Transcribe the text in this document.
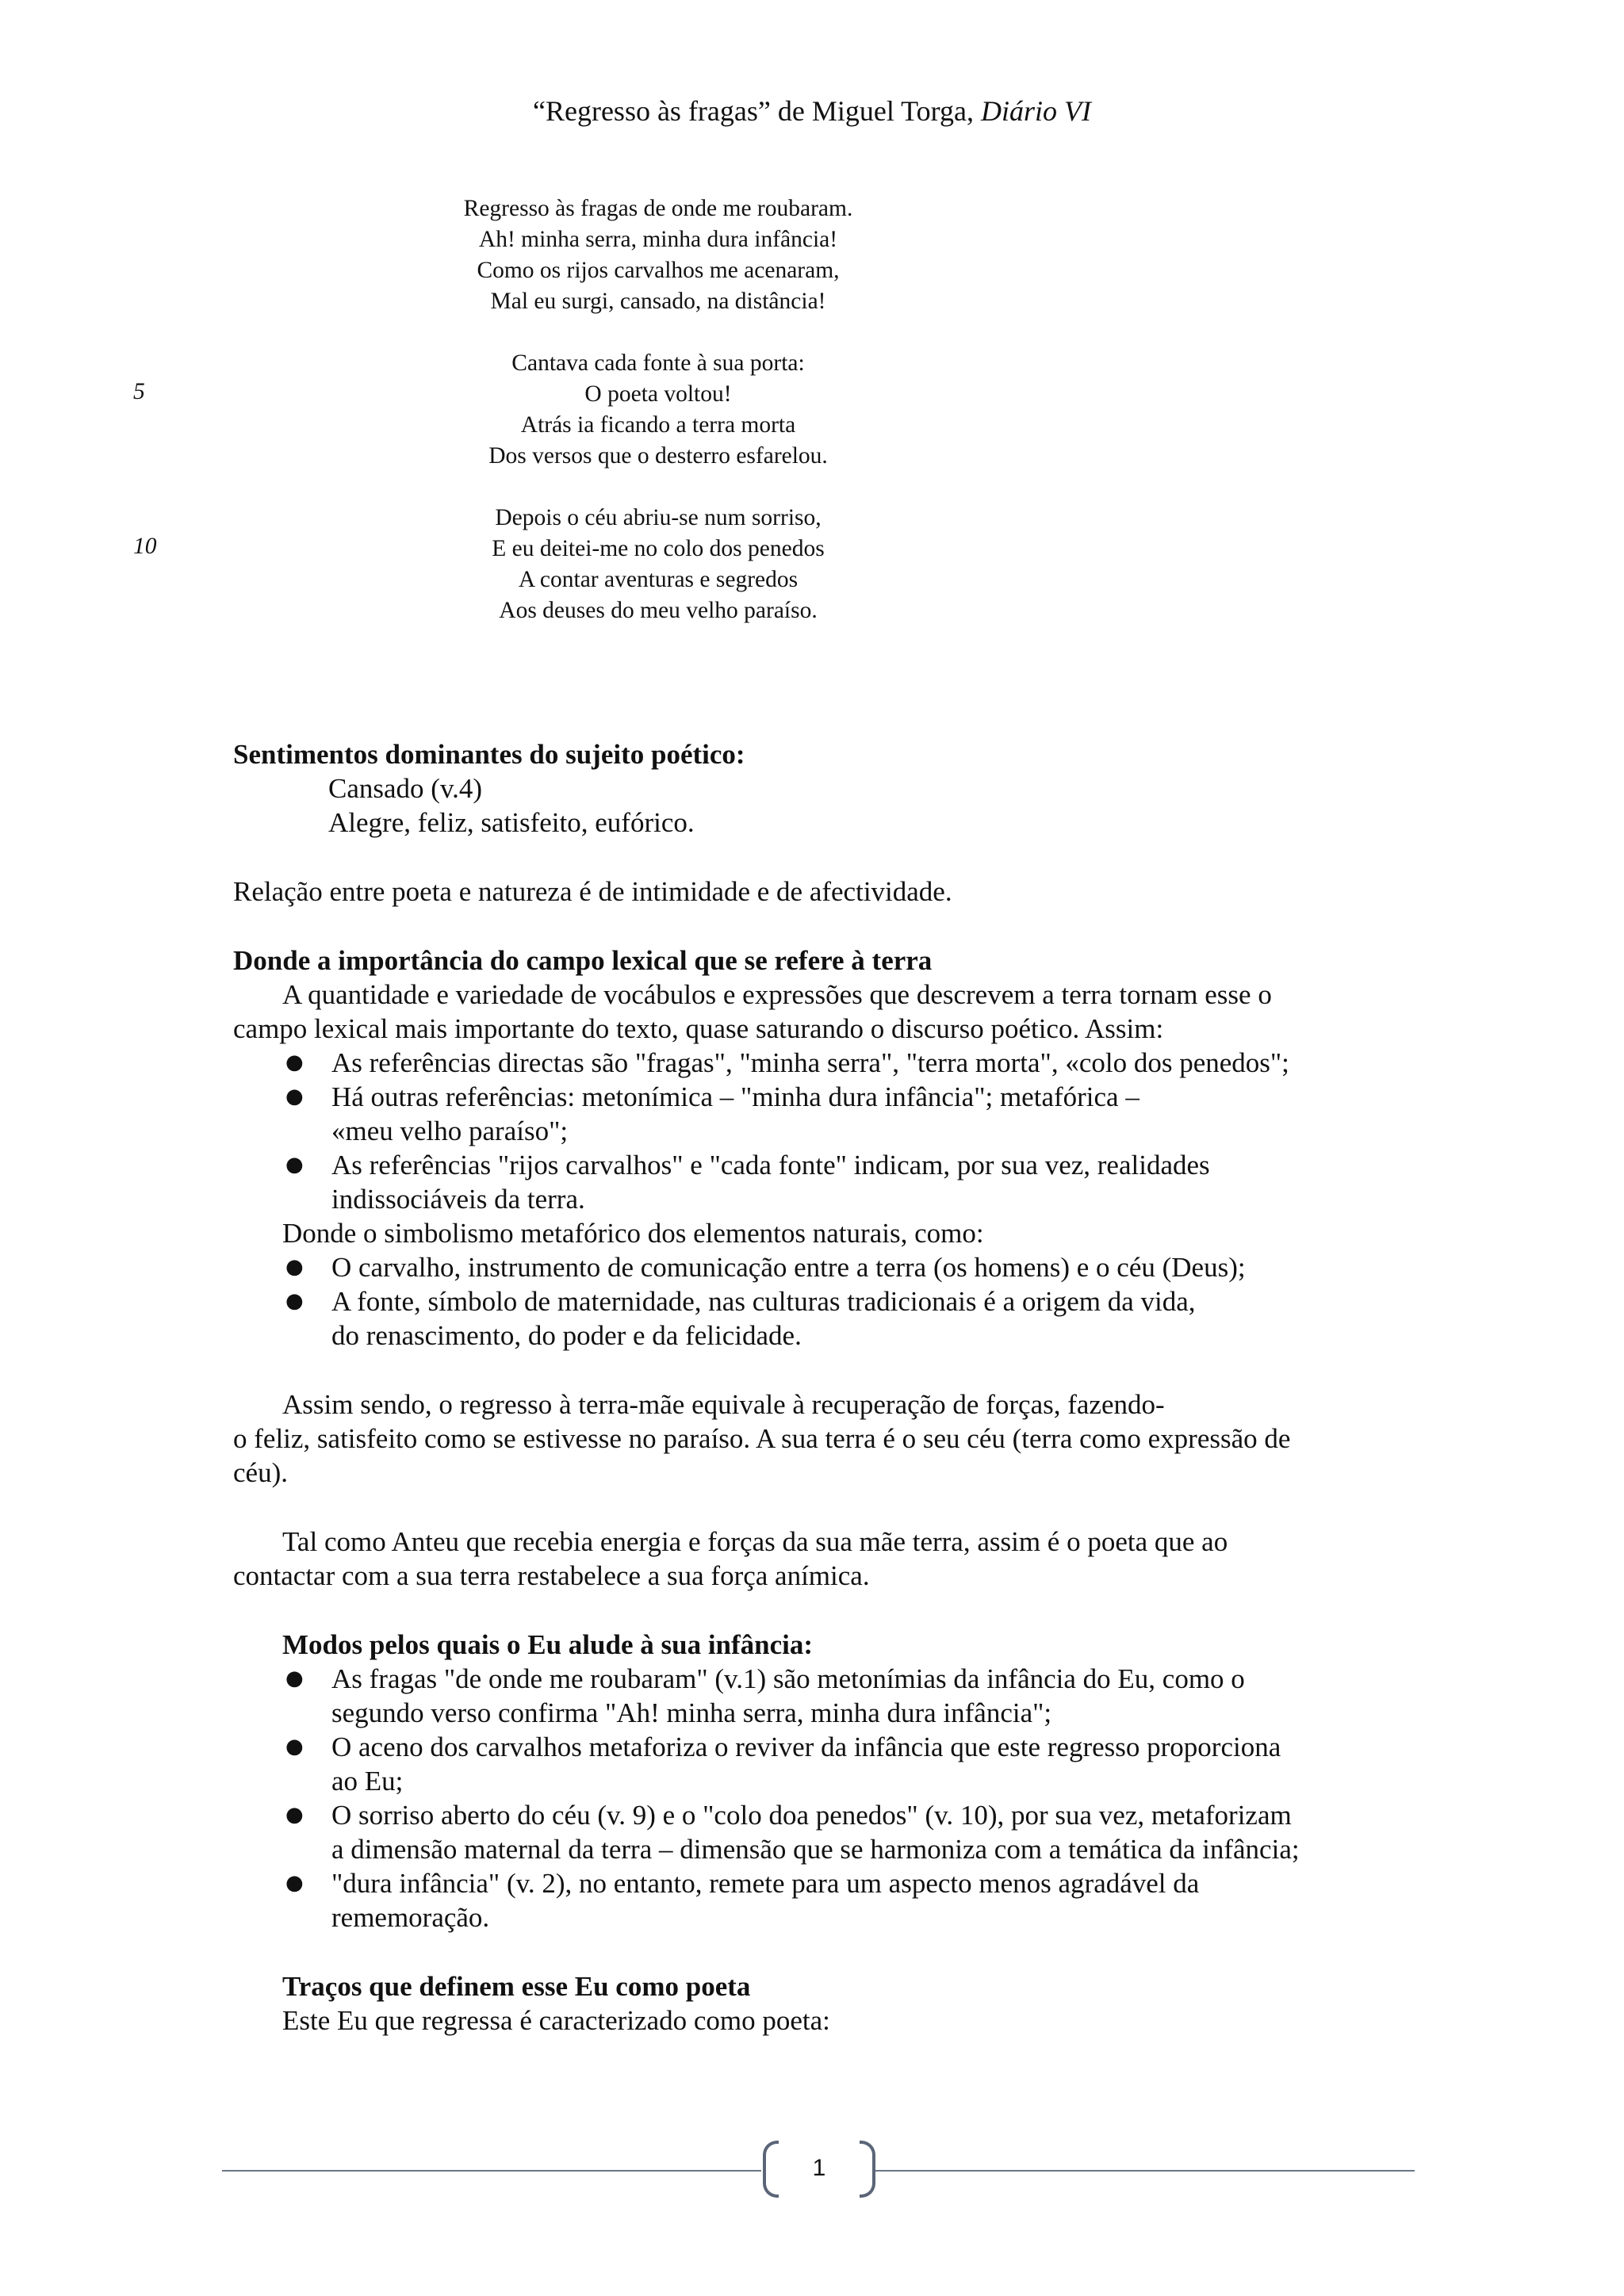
“Regresso às fragas” de Miguel Torga, Diário VI
Regresso às fragas de onde me roubaram.
Ah! minha serra, minha dura infância!
Como os rijos carvalhos me acenaram,
Mal eu surgi, cansado, na distância!
Cantava cada fonte à sua porta:
5	O poeta voltou!
Atrás ia ficando a terra morta
Dos versos que o desterro esfarelou.
Depois o céu abriu-se num sorriso,
10	E eu deitei-me no colo dos penedos
A contar aventuras e segredos
Aos deuses do meu velho paraíso.

Sentimentos dominantes do sujeito poético:

Cansado (v.4)

Alegre, feliz, satisfeito, eufórico.

Relação entre poeta e natureza é de intimidade e de afectividade.

Donde a importância do campo lexical que se refere à terra

A quantidade e variedade de vocábulos e expressões que descrevem a terra tornam esse o

campo lexical mais importante do texto, quase saturando o discurso poético. Assim:

● As referências directas são "fragas", "minha serra", "terra morta", «colo dos penedos";
● Há outras referências: metonímica – "minha dura infância"; metafórica –
«meu velho paraíso";
● As referências "rijos carvalhos" e "cada fonte" indicam, por sua vez, realidades
indissociáveis da terra.

Donde o simbolismo metafórico dos elementos naturais, como:

● O carvalho, instrumento de comunicação entre a terra (os homens) e o céu (Deus);
● A fonte, símbolo de maternidade, nas culturas tradicionais é a origem da vida,
do renascimento, do poder e da felicidade.

Assim sendo, o regresso à terra-mãe equivale à recuperação de forças, fazendo-

o feliz, satisfeito como se estivesse no paraíso. A sua terra é o seu céu (terra como expressão de

céu).

Tal como Anteu que recebia energia e forças da sua mãe terra, assim é o poeta que ao

contactar com a sua terra restabelece a sua força anímica.

Modos pelos quais o Eu alude à sua infância:

● As fragas "de onde me roubaram" (v.1) são metonímias da infância do Eu, como o
segundo verso confirma "Ah! minha serra, minha dura infância";
● O aceno dos carvalhos metaforiza o reviver da infância que este regresso proporciona
ao Eu;
● O sorriso aberto do céu (v. 9) e o "colo doa penedos" (v. 10), por sua vez, metaforizam
a dimensão maternal da terra – dimensão que se harmoniza com a temática da infância;
● "dura infância" (v. 2), no entanto, remete para um aspecto menos agradável da
rememoração.

Traços que definem esse Eu como poeta

Este Eu que regressa é caracterizado como poeta:

1
